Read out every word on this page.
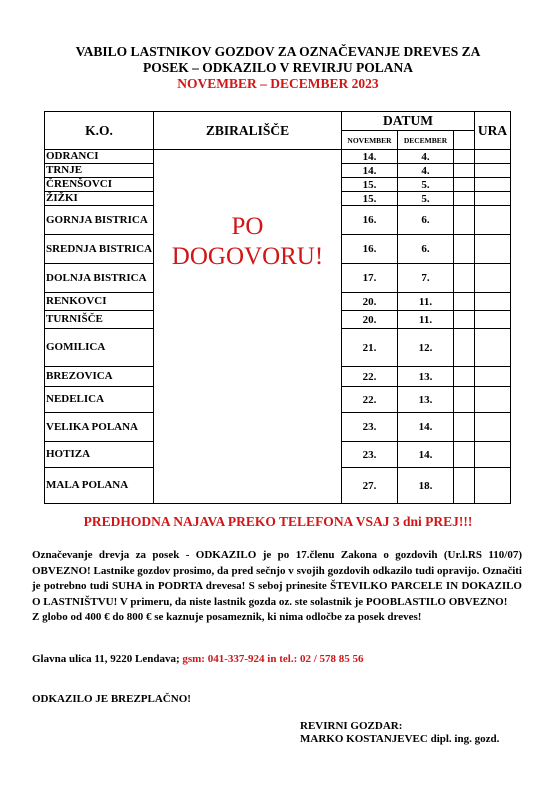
VABILO LASTNIKOV GOZDOV ZA OZNAČEVANJE DREVES ZA
POSEK – ODKAZILO V REVIRJU POLANA
NOVEMBER – DECEMBER 2023
K.O.	ZBIRALIŠČE	DATUM			URA
		NOVEMBER	DECEMBER		
ODRANCI	PO DOGOVORU!	14.	4.		
TRNJE		14.	4.		
ČRENŠOVCI		15.	5.		
ŽIŽKI		15.	5.		
GORNJA BISTRICA		16.	6.		
SREDNJA BISTRICA		16.	6.		
DOLNJA BISTRICA		17.	7.		
RENKOVCI		20.	11.		
TURNIŠČE		20.	11.		
GOMILICA		21.	12.		
BREZOVICA		22.	13.		
NEDELICA		22.	13.		
VELIKA POLANA		23.	14.		
HOTIZA		23.	14.		
MALA POLANA		27.	18.		
PREDHODNA NAJAVA PREKO TELEFONA VSAJ 3 dni PREJ!!!

Označevanje drevja za posek - ODKAZILO je po 17.členu Zakona o gozdovih (Ur.l.RS 110/07) OBVEZNO! Lastnike gozdov prosimo, da pred sečnjo v svojih gozdovih odkazilo tudi opravijo. Označiti je potrebno tudi SUHA in PODRTA drevesa! S seboj prinesite ŠTEVILKO PARCELE IN DOKAZILO O LASTNIŠTVU! V primeru, da niste lastnik gozda oz. ste solastnik je POOBLASTILO OBVEZNO!

Z globo od 400 € do 800 € se kaznuje posameznik, ki nima odločbe za posek dreves!

Glavna ulica 11, 9220 Lendava; gsm: 041-337-924 in tel.: 02 / 578 85 56
ODKAZILO JE BREZPLAČNO!
REVIRNI GOZDAR:
MARKO KOSTANJEVEC dipl. ing. gozd.
